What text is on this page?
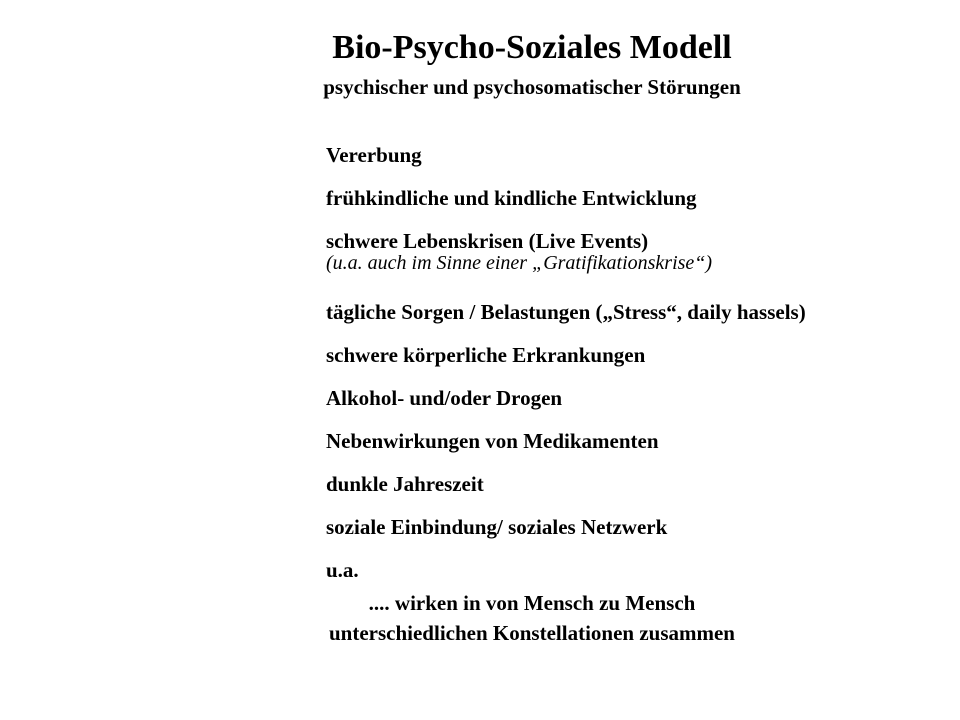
Bio-Psycho-Soziales Modell
psychischer und psychosomatischer Störungen
Vererbung
frühkindliche und kindliche Entwicklung
schwere Lebenskrisen (Live Events)
(u.a. auch im Sinne einer „Gratifikationskrise“)
tägliche Sorgen / Belastungen („Stress“, daily hassels)
schwere körperliche Erkrankungen
Alkohol- und/oder Drogen
Nebenwirkungen von Medikamenten
dunkle Jahreszeit
soziale Einbindung/ soziales Netzwerk
u.a.

.... wirken in von Mensch zu Mensch

unterschiedlichen Konstellationen zusammen
